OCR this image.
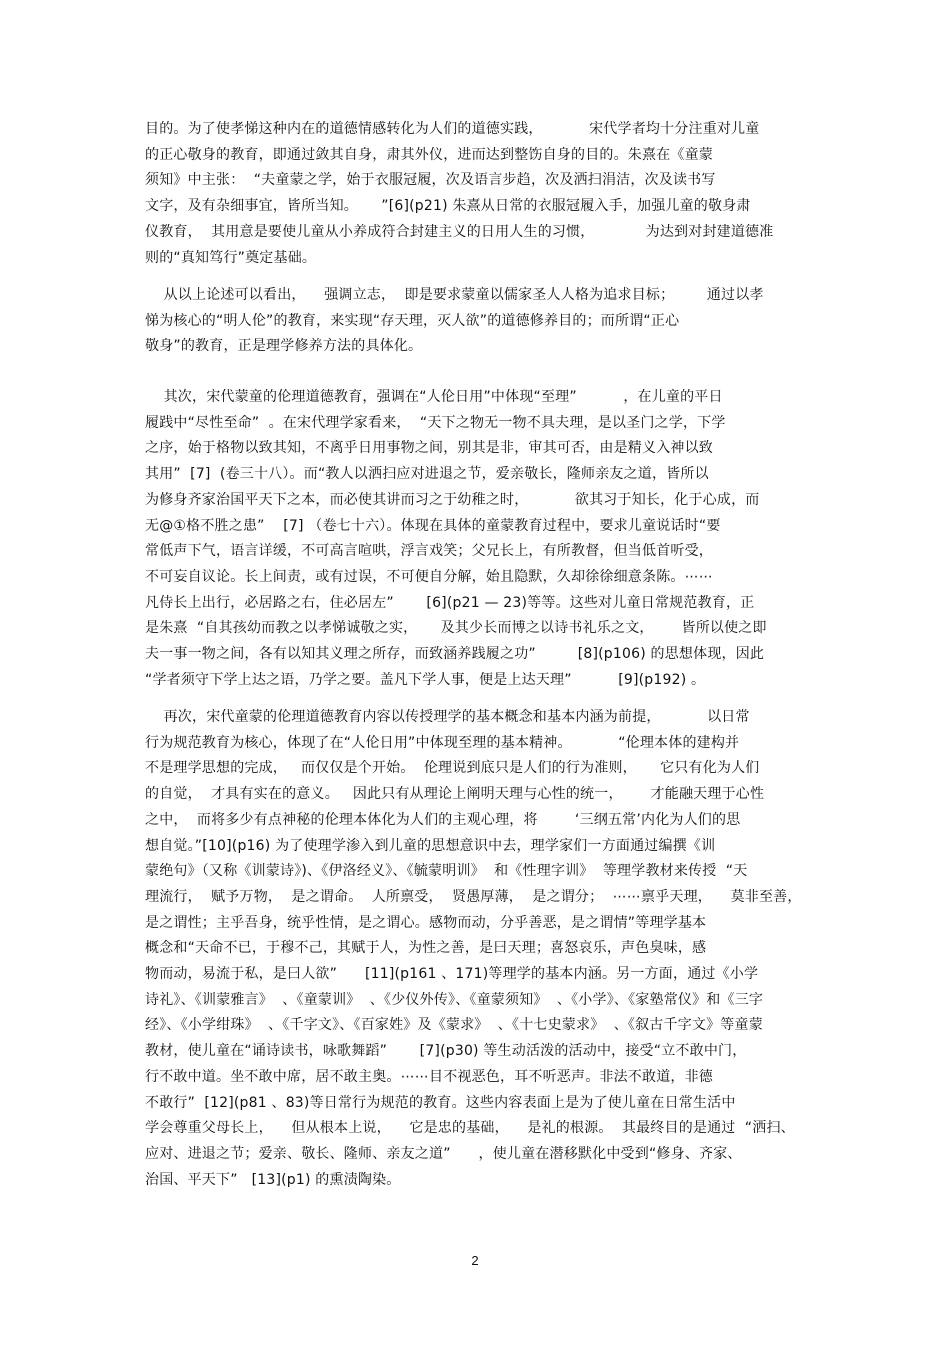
目的。为了使孝悌这种内在的道德情感转化为人们的道德实践，          宋代学者均十分注重对儿童
的正心敬身的教育，即通过敛其自身，肃其外仪，进而达到整饬自身的目的。朱熹在《童蒙
须知》中主张：  “夫童蒙之学，始于衣服冠履，次及语言步趋，次及洒扫涓洁，次及读书写
文字，及有杂细事宜，皆所当知。     ”[6](p21) 朱熹从日常的衣服冠履入手，加强儿童的敬身肃
仪教育，  其用意是要使儿童从小养成符合封建主义的日用人生的习惯，           为达到对封建道德准
则的“真知笃行”奠定基础。
从以上论述可以看出，    强调立志，  即是要求蒙童以儒家圣人人格为追求目标；       通过以孝
悌为核心的“明人伦”的教育，来实现“存天理，灭人欲”的道德修养目的；而所谓“正心
敬身”的教育，正是理学修养方法的具体化。
其次，宋代蒙童的伦理道德教育，强调在“人伦日用”中体现“至理”          ，在儿童的平日
履践中“尽性至命”  。在宋代理学家看来，  “天下之物无一物不具夫理，是以圣门之学，下学
之序，始于格物以致其知，不离乎日用事物之间，别其是非，审其可否，由是精义入神以致
其用”  [7]  (卷三十八）。而“教人以洒扫应对进退之节，爱亲敬长，隆师亲友之道，皆所以
为修身齐家治国平天下之本，而必使其讲而习之于幼稚之时，          欲其习于知长，化于心成，而
无@①格不胜之患”    [7] （卷七十六）。体现在具体的童蒙教育过程中，要求儿童说话时“要
常低声下气，语言详缓，不可高言喧哄，浮言戏笑；父兄长上，有所教督，但当低首听受，
不可妄自议论。长上间责，或有过误，不可便自分解，始且隐默，久却徐徐细意条陈。⋯⋯
凡侍长上出行，必居路之右，住必居左”       [6](p21 — 23)等等。这些对儿童日常规范教育，正
是朱熹  “自其孩幼而教之以孝悌诚敬之实，     及其少长而博之以诗书礼乐之文，      皆所以使之即
夫一事一物之间，各有以知其义理之所存，而致涵养践履之功”         [8](p106) 的思想体现，因此
“学者须守下学上达之语，乃学之要。盖凡下学人事，便是上达天理”          [9](p192) 。
再次，宋代童蒙的伦理道德教育内容以传授理学的基本概念和基本内涵为前提，          以日常
行为规范教育为核心，体现了在“人伦日用”中体现至理的基本精神。          “伦理本体的建构并
不是理学思想的完成，   而仅仅是个开始。  伦理说到底只是人们的行为准则，     它只有化为人们
的自觉，  才具有实在的意义。   因此只有从理论上阐明天理与心性的统一，      才能融天理于心性
之中，  而将多少有点神秘的伦理本体化为人们的主观心理，将        ‘三纲五常’内化为人们的思
想自觉。”[10](p16) 为了使理学渗入到儿童的思想意识中去，理学家们一方面通过编撰《训
蒙绝句》（又称《训蒙诗》)、《伊洛经义》、《毓蒙明训》  和《性理字训》  等理学教材来传授  “天
理流行，  赋予万物，  是之谓命。  人所禀受，  贤愚厚薄，  是之谓分；  ⋯⋯禀乎天理，    莫非至善，
是之谓性；主乎吾身，统乎性情，是之谓心。感物而动，分乎善恶，是之谓情”等理学基本
概念和“天命不已，于穆不己，其赋于人，为性之善，是曰天理；喜怒哀乐，声色臭味，感
物而动，易流于私，是曰人欲”      [11](p161 、171)等理学的基本内涵。另一方面，通过《小学
诗礼》、《训蒙雅言》  、《童蒙训》  、《少仪外传》、《童蒙须知》  、《小学》、《家塾常仪》和《三字
经》、《小学绀珠》  、《千字文》、《百家姓》及《蒙求》  、《十七史蒙求》  、《叙古千字文》等童蒙
教材，使儿童在“诵诗读书，咏歌舞蹈”       [7](p30) 等生动活泼的活动中，接受“立不敢中门，
行不敢中道。坐不敢中席，居不敢主奥。⋯⋯目不视恶色，耳不听恶声。非法不敢道，非德
不敢行”  [12](p81 、83)等日常行为规范的教育。这些内容表面上是为了使儿童在日常生活中
学会尊重父母长上，    但从根本上说，    它是忠的基础，    是礼的根源。  其最终目的是通过  “洒扫、
应对、进退之节；爱亲、敬长、隆师、亲友之道”      ，使儿童在潜移默化中受到“修身、齐家、
治国、平天下”   [13](p1) 的熏渍陶染。
2
